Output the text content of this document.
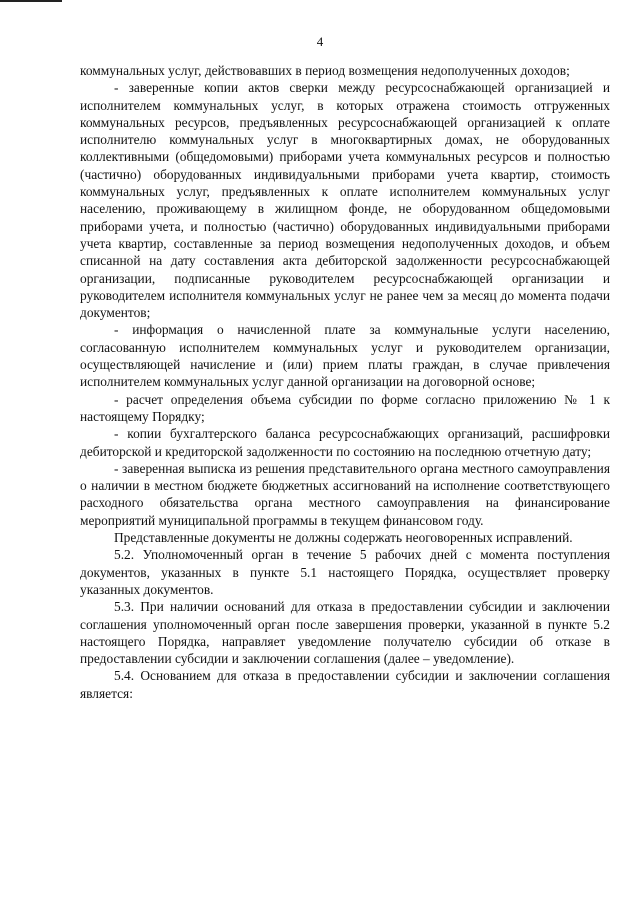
4

коммунальных услуг, действовавших в период возмещения недополученных доходов;

- заверенные копии актов сверки между ресурсоснабжающей организацией и исполнителем коммунальных услуг, в которых отражена стоимость отгруженных коммунальных ресурсов, предъявленных ресурсоснабжающей организацией к оплате исполнителю коммунальных услуг в многоквартирных домах, не оборудованных коллективными (общедомовыми) приборами учета коммунальных ресурсов и полностью (частично) оборудованных индивидуальными приборами учета квартир, стоимость коммунальных услуг, предъявленных к оплате исполнителем коммунальных услуг населению, проживающему в жилищном фонде, не оборудованном общедомовыми приборами учета, и полностью (частично) оборудованных индивидуальными приборами учета квартир, составленные за период возмещения недополученных доходов, и объем списанной на дату составления акта дебиторской задолженности ресурсоснабжающей организации, подписанные руководителем ресурсоснабжающей организации и руководителем исполнителя коммунальных услуг не ранее чем за месяц до момента подачи документов;

- информация о начисленной плате за коммунальные услуги населению, согласованную исполнителем коммунальных услуг и руководителем организации, осуществляющей начисление и (или) прием платы граждан, в случае привлечения исполнителем коммунальных услуг данной организации на договорной основе;

- расчет определения объема субсидии по форме согласно приложению № 1 к настоящему Порядку;

- копии бухгалтерского баланса ресурсоснабжающих организаций, расшифровки дебиторской и кредиторской задолженности по состоянию на последнюю отчетную дату;

- заверенная выписка из решения представительного органа местного самоуправления о наличии в местном бюджете бюджетных ассигнований на исполнение соответствующего расходного обязательства органа местного самоуправления на финансирование мероприятий муниципальной программы в текущем финансовом году.

Представленные документы не должны содержать неоговоренных исправлений.

5.2. Уполномоченный орган в течение 5 рабочих дней с момента поступления документов, указанных в пункте 5.1 настоящего Порядка, осуществляет проверку указанных документов.

5.3. При наличии оснований для отказа в предоставлении субсидии и заключении соглашения уполномоченный орган после завершения проверки, указанной в пункте 5.2 настоящего Порядка, направляет уведомление получателю субсидии об отказе в предоставлении субсидии и заключении соглашения (далее – уведомление).

5.4. Основанием для отказа в предоставлении субсидии и заключении соглашения является:
